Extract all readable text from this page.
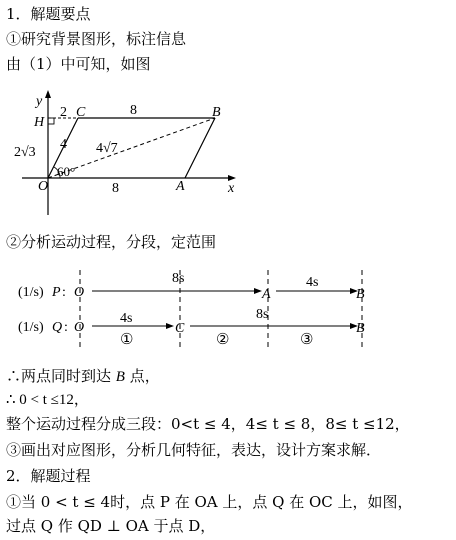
1．解题要点
①研究背景图形，标注信息
由（1）中可知，如图
y
x
H
2 C	8	B
4 4√7
2√3
60°
O	8	A
②分析运动过程，分段，定范围
(1/s) P : O	A	B
8s	4s
(1/s) Q : O	C	B
4s	8s
①	②	③
∴两点同时到达 B 点，
∴ 0 < t ≤12，
整个运动过程分成三段：0<t ≤ 4，4≤ t ≤ 8，8≤ t ≤12，
③画出对应图形，分析几何特征，表达，设计方案求解．
2．解题过程
①当 0 < t ≤ 4时，点 P 在 OA 上，点 Q 在 OC 上，如图，
过点 Q 作 QD ⊥ OA 于点 D，
